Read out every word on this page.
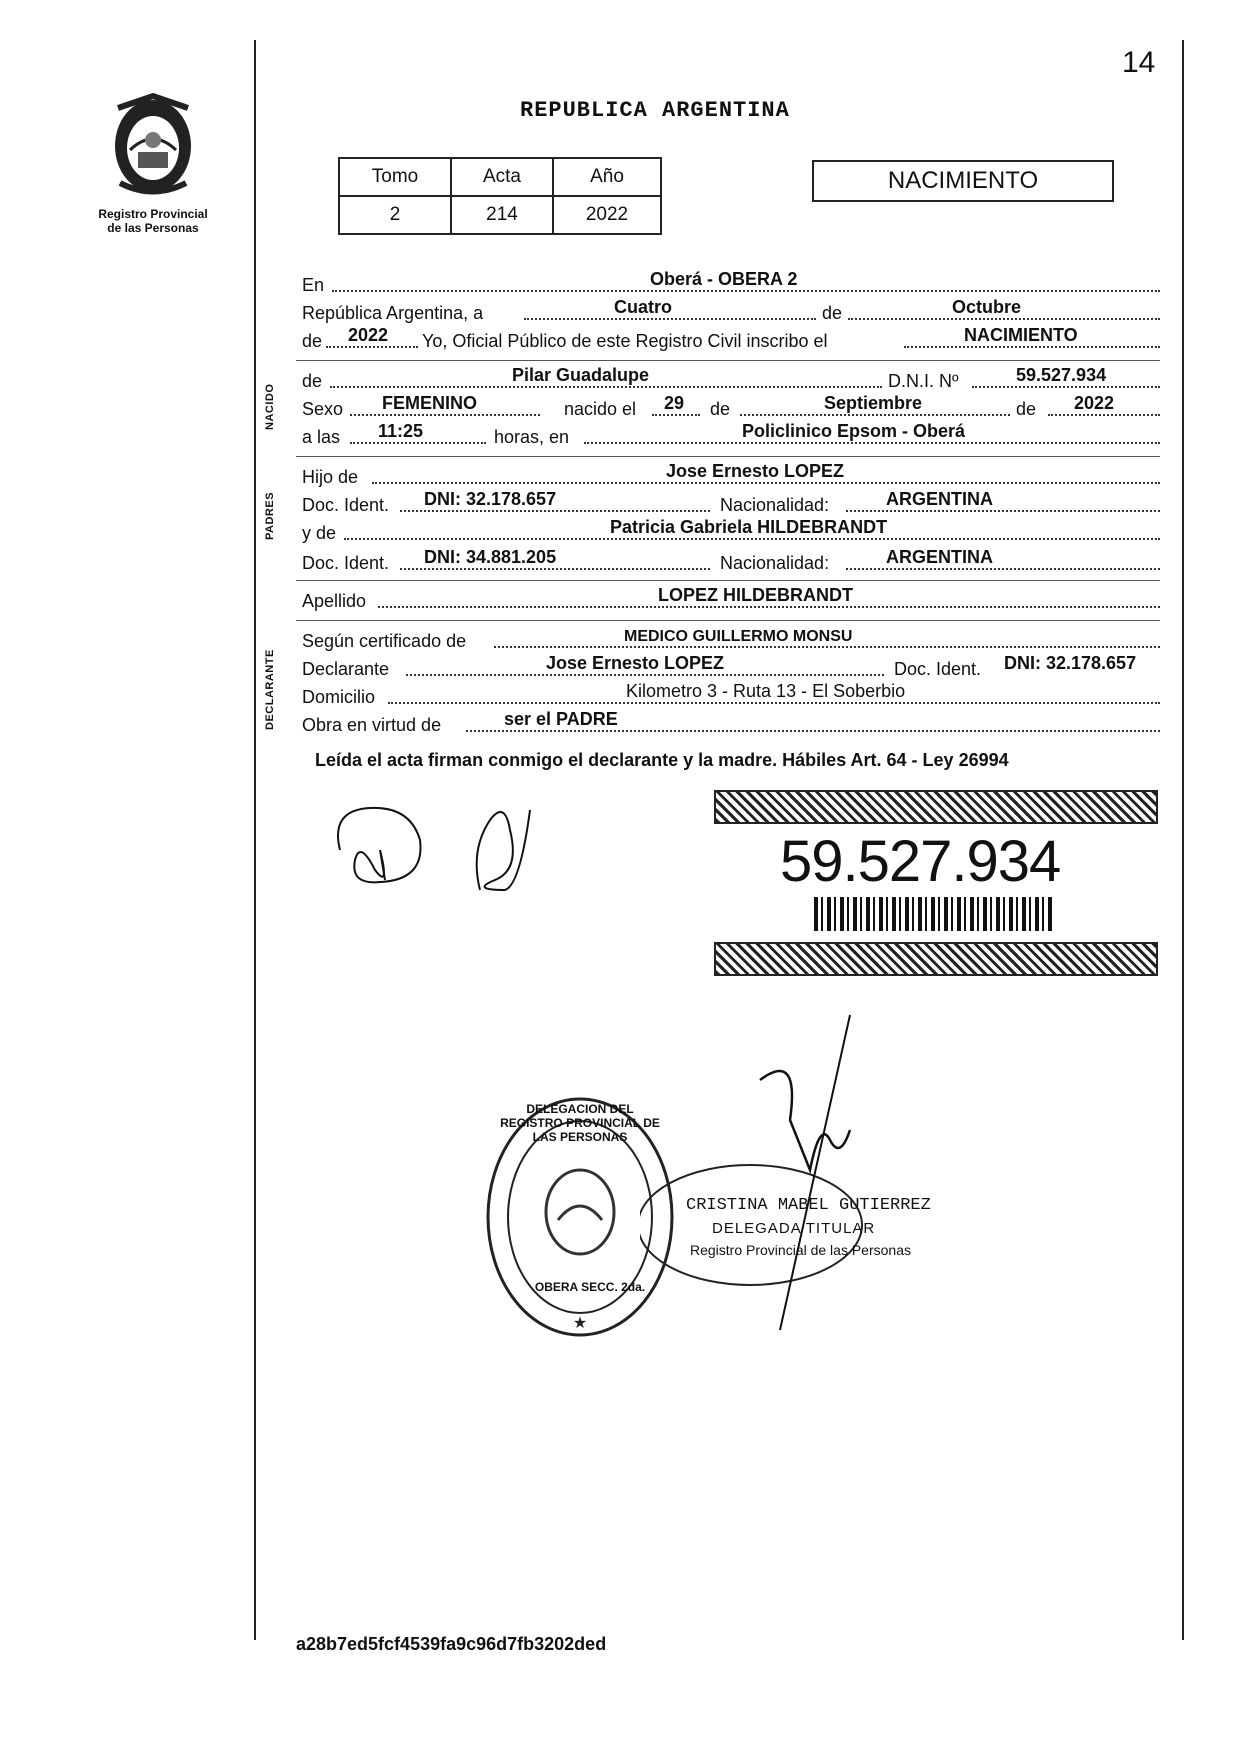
14
Registro Provincial
de las Personas
REPUBLICA ARGENTINA
Tomo	Acta	Año
2	214	2022
NACIMIENTO
En	Oberá - OBERA 2
República Argentina, a	Cuatro	de	Octubre
de 2022 Yo, Oficial Público de este Registro Civil inscribo el	NACIMIENTO
NACIDO
de	Pilar Guadalupe	D.N.I. Nº	59.527.934
Sexo FEMENINO	nacido el 29 de	Septiembre	de 2022
a las 11:25	horas, en	Policlinico Epsom - Oberá
PADRES
Hijo de	Jose Ernesto LOPEZ
Doc. Ident. DNI: 32.178.657	Nacionalidad:	ARGENTINA
y de	Patricia Gabriela HILDEBRANDT
Doc. Ident. DNI: 34.881.205	Nacionalidad:	ARGENTINA
Apellido	LOPEZ HILDEBRANDT
DECLARANTE
Según certificado de	MEDICO GUILLERMO MONSU
Declarante	Jose Ernesto LOPEZ	Doc. Ident. DNI: 32.178.657
Domicilio	Kilometro 3 - Ruta 13 - El Soberbio
Obra en virtud de	ser el PADRE
Leída el acta firman conmigo el declarante y la madre. Hábiles Art. 64 - Ley 26994
59.527.934
★
DELEGACION DEL REGISTRO PROVINCIAL DE LAS PERSONAS
OBERA SECC. 2da.
CRISTINA MABEL GUTIERREZ
DELEGADA TITULAR
Registro Provincial de las Personas
a28b7ed5fcf4539fa9c96d7fb3202ded
